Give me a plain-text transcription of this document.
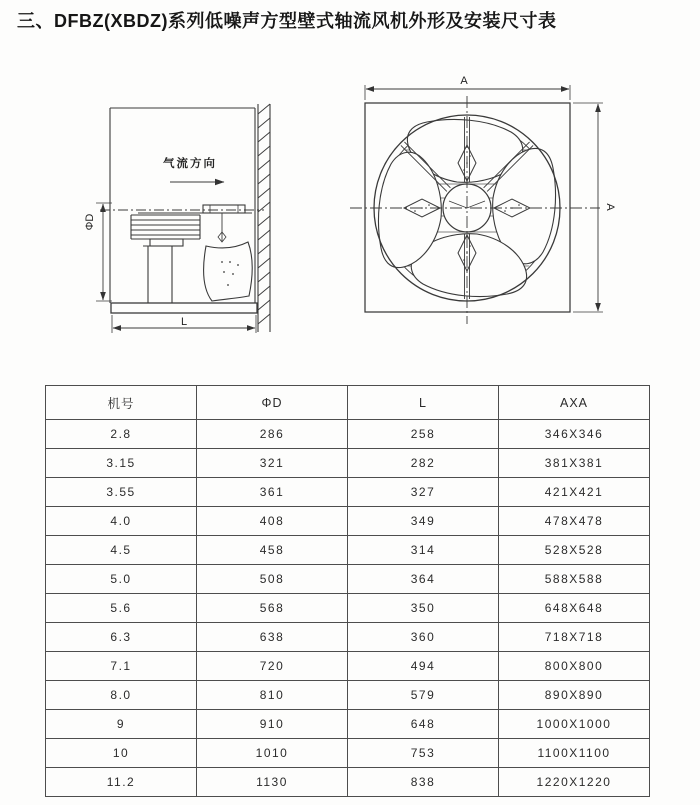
三、DFBZ(XBDZ)系列低噪声方型壁式轴流风机外形及安装尺寸表
气流方向
ΦD
L
A
A
机号	ΦD	L	AXA
2.8	286	258	346X346
3.15	321	282	381X381
3.55	361	327	421X421
4.0	408	349	478X478
4.5	458	314	528X528
5.0	508	364	588X588
5.6	568	350	648X648
6.3	638	360	718X718
7.1	720	494	800X800
8.0	810	579	890X890
9	910	648	1000X1000
10	1010	753	1100X1100
11.2	1130	838	1220X1220
